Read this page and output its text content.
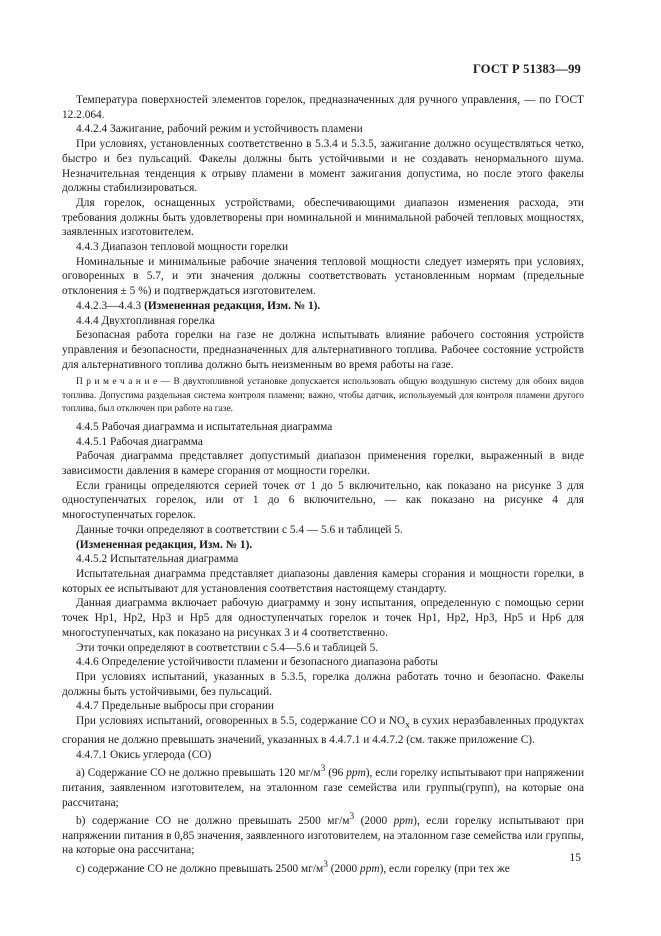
ГОСТ Р 51383—99

Температура поверхностей элементов горелок, предназначенных для ручного управления, — по ГОСТ 12.2.064.

4.4.2.4 Зажигание, рабочий режим и устойчивость пламени

При условиях, установленных соответственно в 5.3.4 и 5.3.5, зажигание должно осуществляться четко, быстро и без пульсаций. Факелы должны быть устойчивыми и не создавать ненормального шума. Незначительная тенденция к отрыву пламени в момент зажигания допустима, но после этого факелы должны стабилизироваться.

Для горелок, оснащенных устройствами, обеспечивающими диапазон изменения расхода, эти требования должны быть удовлетворены при номинальной и минимальной рабочей тепловых мощностях, заявленных изготовителем.

4.4.3 Диапазон тепловой мощности горелки

Номинальные и минимальные рабочие значения тепловой мощности следует измерять при условиях, оговоренных в 5.7, и эти значения должны соответствовать установленным нормам (предельные отклонения ± 5 %) и подтверждаться изготовителем.

4.4.2.3—4.4.3 (Измененная редакция, Изм. № 1).

4.4.4 Двухтопливная горелка

Безопасная работа горелки на газе не должна испытывать влияние рабочего состояния устройств управления и безопасности, предназначенных для альтернативного топлива. Рабочее состояние устройств для альтернативного топлива должно быть неизменным во время работы на газе.

П р и м е ч а н и е — В двухтопливной установке допускается использовать общую воздушную систему для обоих видов топлива. Допустима раздельная система контроля пламени; важно, чтобы датчик, используемый для контроля пламени другого топлива, был отключен при работе на газе.

4.4.5 Рабочая диаграмма и испытательная диаграмма

4.4.5.1 Рабочая диаграмма

Рабочая диаграмма представляет допустимый диапазон применения горелки, выраженный в виде зависимости давления в камере сгорания от мощности горелки.

Если границы определяются серией точек от 1 до 5 включительно, как показано на рисунке 3 для одноступенчатых горелок, или от 1 до 6 включительно, — как показано на рисунке 4 для многоступенчатых горелок.

Данные точки определяют в соответствии с 5.4 — 5.6 и таблицей 5.

(Измененная редакция, Изм. № 1).

4.4.5.2 Испытательная диаграмма

Испытательная диаграмма представляет диапазоны давления камеры сгорания и мощности горелки, в которых ее испытывают для установления соответствия настоящему стандарту.

Данная диаграмма включает рабочую диаграмму и зону испытания, определенную с помощью серии точек Hp1, Hp2, Hp3 и Hp5 для одноступенчатых горелок и точек Hp1, Hp2, Hp3, Hp5 и Hp6 для многоступенчатых, как показано на рисунках 3 и 4 соответственно.

Эти точки определяют в соответствии с 5.4—5.6 и таблицей 5.

4.4.6 Определение устойчивости пламени и безопасного диапазона работы

При условиях испытаний, указанных в 5.3.5, горелка должна работать точно и безопасно. Факелы должны быть устойчивыми, без пульсаций.

4.4.7 Предельные выбросы при сгорании

При условиях испытаний, оговоренных в 5.5, содержание СО и $NO_x$ в сухих неразбавленных продуктах сгорания не должно превышать значений, указанных в 4.4.7.1 и 4.4.7.2 (см. также приложение С).

4.4.7.1 Окись углерода (СО)

а) Содержание СО не должно превышать 120 $мг/м^3$ (96 ppm), если горелку испытывают при напряжении питания, заявленном изготовителем, на эталонном газе семейства или группы(групп), на которые она рассчитана;

b) содержание СО не должно превышать 2500 $мг/м^3$ (2000 ppm), если горелку испытывают при напряжении питания в 0,85 значения, заявленного изготовителем, на эталонном газе семейства или группы, на которые она рассчитана;

с) содержание СО не должно превышать 2500 $мг/м^3$ (2000 ppm), если горелку (при тех же

15
